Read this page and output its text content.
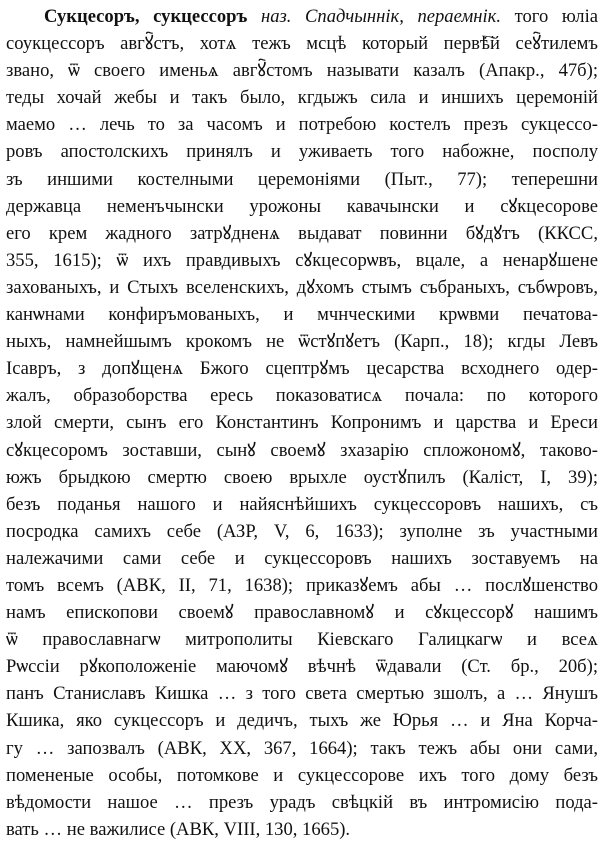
Сукцесоръ, сукцессоръ наз. Спадчыннік, пераемнік. того юліа
соукцессоръ авгꙋ҇стъ, хотѧ тежъ мсцѣ который первѣ҇й сеꙋ҇тилемъ
звано, ѿ своего именьѧ авгꙋ҇стомъ называти казалъ (Апакр., 47б);
теды хочай жебы и такъ было, кгдыжъ сила и иншихъ церемоній
маемо … лечь то за часомъ и потребою костелъ презъ сукцессо-
ровъ апостолскихъ принялъ и уживаеть того набожне, посполу
зъ иншими костелными церемоніями (Пыт., 77); теперешни
державца неменъчынски урожоны кавачынски и сꙋкцесорове
его крем жадного затрꙋдненѧ выдават повинни бꙋдꙋтъ (ККСС,
355, 1615); ѿ ихъ правдивыхъ сꙋкцесорѡвъ, вцале, а ненарꙋшене
захованыхъ, и Стыхъ вселенскихъ, дꙋхомъ стымъ събраныхъ, събѡровъ,
канѡнами конфиръмованыхъ, и мчнческими крѡвми печатова-
ныхъ, намнейшымъ крокомъ не ѿстꙋпꙋетъ (Карп., 18); кгды Левъ
Ісавръ, з допꙋщенѧ Бжого сцептрꙋмъ цесарства всходнего одер-
жалъ, образоборства ересь показоватисѧ почала: по которого
злой смерти, сынъ его Константинъ Копронимъ и царства и Ереси
сꙋкцесоромъ зоставши, сынꙋ своемꙋ зхазарію спложономꙋ, таково-
южъ брыдкою смертю своею врыхле оустꙋпилъ (Каліст, І, 39);
безъ поданья нашого и найяснѣйшихъ сукцессоровъ нашихъ, съ
посродка самихъ себе (АЗР, V, 6, 1633); зуполне зъ участными
належачими сами себе и сукцессоровъ нашихъ зоставуемъ на
томъ всемъ (АВК, II, 71, 1638); приказꙋемъ абы … послꙋшенство
намъ епископови своемꙋ православномꙋ и сꙋкцессорꙋ нашимъ
ѿ православнагѡ митрополиты Кіевскаго Галицкагѡ и всеѧ
Рѡссіи рꙋкоположеніе маючомꙋ вѣчнѣ ѿдавали (Ст. бр., 20б);
панъ Станиславъ Кишка … з того света смертью зшолъ, а … Янушъ
Кшика, яко сукцессоръ и дедичъ, тыхъ же Юрья … и Яна Корча-
гу … запозвалъ (АВК, XX, 367, 1664); такъ тежъ абы они сами,
помененые особы, потомкове и сукцессорове ихъ того дому безъ
вѣдомости нашое … презъ урадъ свѣцкій въ интромисію пода-
вать … не важилисе (АВК, VIII, 130, 1665).
